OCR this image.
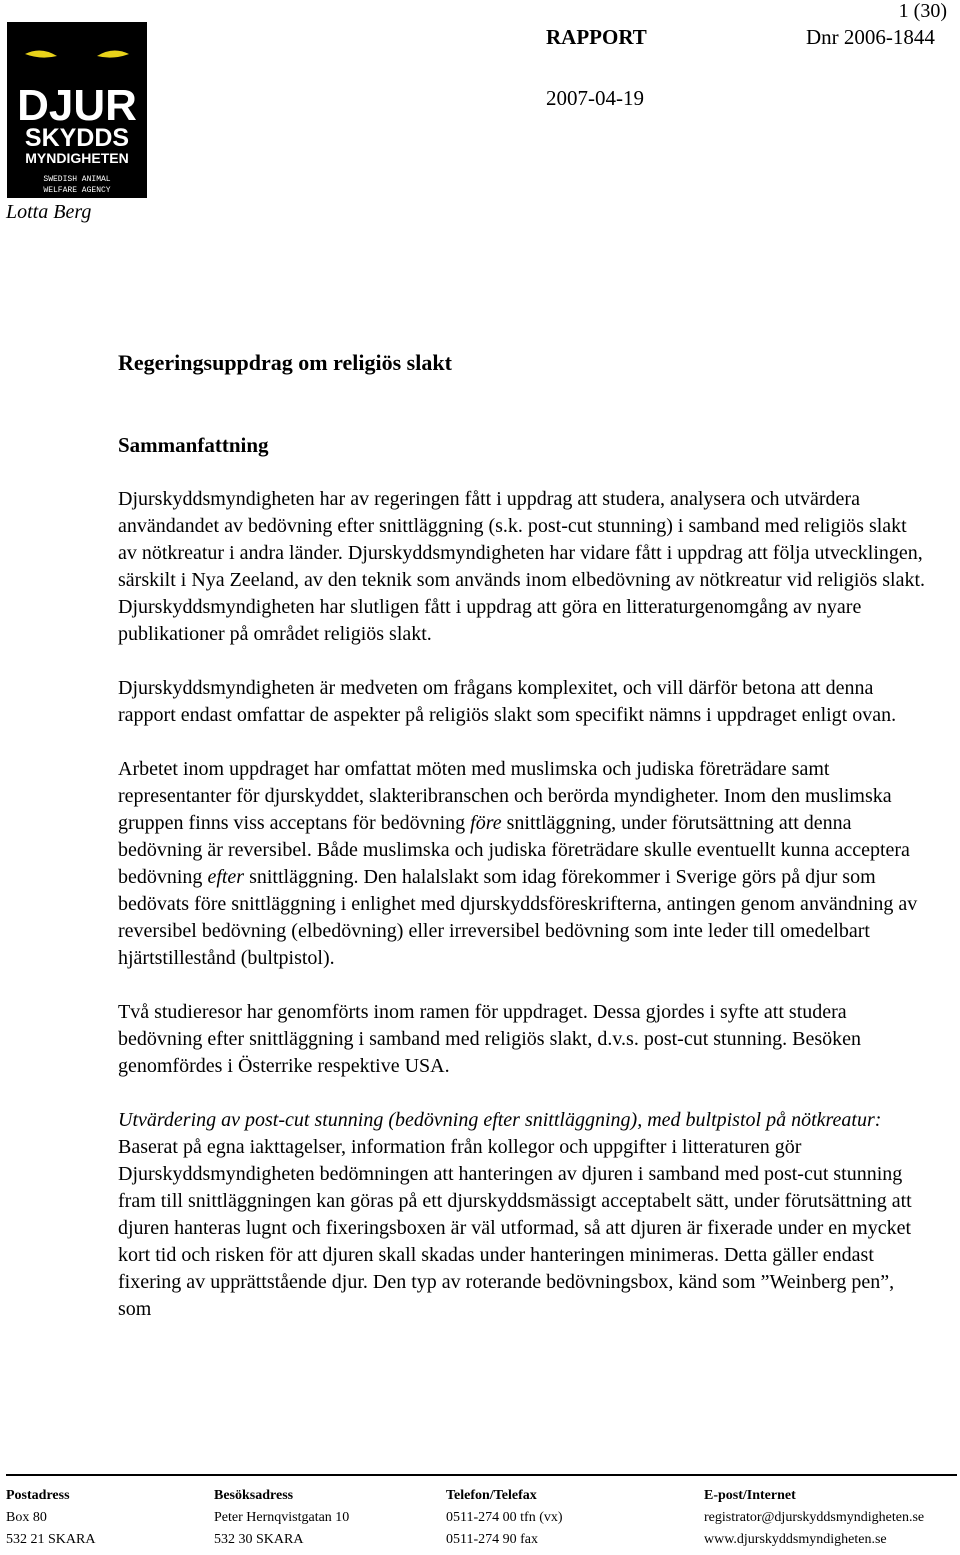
DJUR
SKYDDS
MYNDIGHETEN
SWEDISH ANIMAL
WELFARE AGENCY
Lotta Berg
1 (30)
RAPPORT	Dnr 2006-1844
2007-04-19
Regeringsuppdrag om religiös slakt
Sammanfattning

Djurskyddsmyndigheten har av regeringen fått i uppdrag att studera, analysera och utvärdera användandet av bedövning efter snittläggning (s.k. post-cut stunning) i samband med religiös slakt av nötkreatur i andra länder. Djurskyddsmyndigheten har vidare fått i uppdrag att följa utvecklingen, särskilt i Nya Zeeland, av den teknik som används inom elbedövning av nötkreatur vid religiös slakt. Djurskyddsmyndigheten har slutligen fått i uppdrag att göra en litteraturgenomgång av nyare publikationer på området religiös slakt.

Djurskyddsmyndigheten är medveten om frågans komplexitet, och vill därför betona att denna rapport endast omfattar de aspekter på religiös slakt som specifikt nämns i uppdraget enligt ovan.

Arbetet inom uppdraget har omfattat möten med muslimska och judiska företrädare samt representanter för djurskyddet, slakteribranschen och berörda myndigheter. Inom den muslimska gruppen finns viss acceptans för bedövning före snittläggning, under förutsättning att denna bedövning är reversibel. Både muslimska och judiska företrädare skulle eventuellt kunna acceptera bedövning efter snittläggning. Den halalslakt som idag förekommer i Sverige görs på djur som bedövats före snittläggning i enlighet med djurskyddsföreskrifterna, antingen genom användning av reversibel bedövning (elbedövning) eller irreversibel bedövning som inte leder till omedelbart hjärtstillestånd (bultpistol).

Två studieresor har genomförts inom ramen för uppdraget. Dessa gjordes i syfte att studera bedövning efter snittläggning i samband med religiös slakt, d.v.s. post-cut stunning. Besöken genomfördes i Österrike respektive USA.

Utvärdering av post-cut stunning (bedövning efter snittläggning), med bultpistol på nötkreatur:

Baserat på egna iakttagelser, information från kollegor och uppgifter i litteraturen gör Djurskyddsmyndigheten bedömningen att hanteringen av djuren i samband med post-cut stunning fram till snittläggningen kan göras på ett djurskyddsmässigt acceptabelt sätt, under förutsättning att djuren hanteras lugnt och fixeringsboxen är väl utformad, så att djuren är fixerade under en mycket kort tid och risken för att djuren skall skadas under hanteringen minimeras. Detta gäller endast fixering av upprättstående djur. Den typ av roterande bedövningsbox, känd som ”Weinberg pen”, som

Postadress
Box 80
532 21 SKARA
Besöksadress
Peter Hernqvistgatan 10
532 30 SKARA
Telefon/Telefax
0511-274 00 tfn (vx)
0511-274 90 fax
E-post/Internet
registrator@djurskyddsmyndigheten.se
www.djurskyddsmyndigheten.se
